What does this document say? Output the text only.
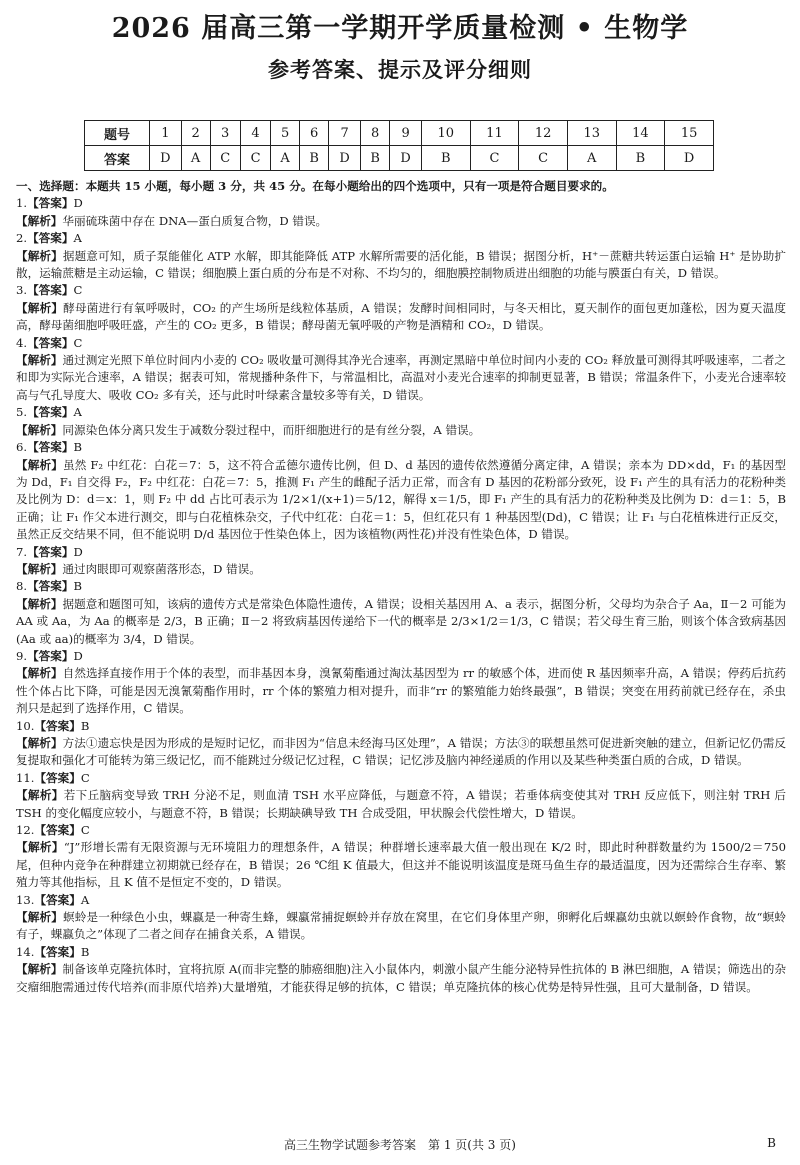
2026 届高三第一学期开学质量检测 • 生物学
参考答案、提示及评分细则
题号	1	2	3	4	5	6	7	8	9	10	11	12	13	14	15
答案	D	A	C	C	A	B	D	B	D	B	C	C	A	B	D
一、选择题：本题共 15 小题，每小题 3 分，共 45 分。在每小题给出的四个选项中，只有一项是符合题目要求的。

1.【答案】D

【解析】华丽硫珠菌中存在 DNA—蛋白质复合物，D 错误。

2.【答案】A

【解析】据题意可知，质子泵能催化 ATP 水解，即其能降低 ATP 水解所需要的活化能，B 错误；据图分析，H⁺－蔗糖共转运蛋白运输 H⁺ 是协助扩散，运输蔗糖是主动运输，C 错误；细胞膜上蛋白质的分布是不对称、不均匀的，细胞膜控制物质进出细胞的功能与膜蛋白有关，D 错误。

3.【答案】C

【解析】酵母菌进行有氧呼吸时，CO₂ 的产生场所是线粒体基质，A 错误；发酵时间相同时，与冬天相比，夏天制作的面包更加蓬松，因为夏天温度高，酵母菌细胞呼吸旺盛，产生的 CO₂ 更多，B 错误；酵母菌无氧呼吸的产物是酒精和 CO₂，D 错误。

4.【答案】C

【解析】通过测定光照下单位时间内小麦的 CO₂ 吸收量可测得其净光合速率，再测定黑暗中单位时间内小麦的 CO₂ 释放量可测得其呼吸速率，二者之和即为实际光合速率，A 错误；据表可知，常规播种条件下，与常温相比，高温对小麦光合速率的抑制更显著，B 错误；常温条件下，小麦光合速率较高与气孔导度大、吸收 CO₂ 多有关，还与此时叶绿素含量较多等有关，D 错误。

5.【答案】A

【解析】同源染色体分离只发生于减数分裂过程中，而肝细胞进行的是有丝分裂，A 错误。

6.【答案】B

【解析】虽然 F₂ 中红花：白花＝7：5，这不符合孟德尔遗传比例，但 D、d 基因的遗传依然遵循分离定律，A 错误；亲本为 DD×dd，F₁ 的基因型为 Dd，F₁ 自交得 F₂，F₂ 中红花：白花＝7：5，推测 F₁ 产生的雌配子活力正常，而含有 D 基因的花粉部分致死，设 F₁ 产生的具有活力的花粉种类及比例为 D：d＝x：1，则 F₂ 中 dd 占比可表示为 1/2×1/(x+1)＝5/12，解得 x＝1/5，即 F₁ 产生的具有活力的花粉种类及比例为 D：d＝1：5，B 正确；让 F₁ 作父本进行测交，即与白花植株杂交，子代中红花：白花＝1：5，但红花只有 1 种基因型(Dd)，C 错误；让 F₁ 与白花植株进行正反交，虽然正反交结果不同，但不能说明 D/d 基因位于性染色体上，因为该植物(两性花)并没有性染色体，D 错误。

7.【答案】D

【解析】通过肉眼即可观察菌落形态，D 错误。

8.【答案】B

【解析】据题意和题图可知，该病的遗传方式是常染色体隐性遗传，A 错误；设相关基因用 A、a 表示，据图分析，父母均为杂合子 Aa，Ⅱ－2 可能为 AA 或 Aa，为 Aa 的概率是 2/3，B 正确；Ⅱ－2 将致病基因传递给下一代的概率是 2/3×1/2＝1/3，C 错误；若父母生育三胎，则该个体含致病基因(Aa 或 aa)的概率为 3/4，D 错误。

9.【答案】D

【解析】自然选择直接作用于个体的表型，而非基因本身，溴氰菊酯通过淘汰基因型为 rr 的敏感个体，进而使 R 基因频率升高，A 错误；停药后抗药性个体占比下降，可能是因无溴氰菊酯作用时，rr 个体的繁殖力相对提升，而非“rr 的繁殖能力始终最强”，B 错误；突变在用药前就已经存在，杀虫剂只是起到了选择作用，C 错误。

10.【答案】B

【解析】方法①遗忘快是因为形成的是短时记忆，而非因为“信息未经海马区处理”，A 错误；方法③的联想虽然可促进新突触的建立，但新记忆仍需反复提取和强化才可能转为第三级记忆，而不能跳过分级记忆过程，C 错误；记忆涉及脑内神经递质的作用以及某些种类蛋白质的合成，D 错误。

11.【答案】C

【解析】若下丘脑病变导致 TRH 分泌不足，则血清 TSH 水平应降低，与题意不符，A 错误；若垂体病变使其对 TRH 反应低下，则注射 TRH 后 TSH 的变化幅度应较小，与题意不符，B 错误；长期缺碘导致 TH 合成受阻，甲状腺会代偿性增大，D 错误。

12.【答案】C

【解析】“J”形增长需有无限资源与无环境阻力的理想条件，A 错误；种群增长速率最大值一般出现在 K/2 时，即此时种群数量约为 1500/2＝750 尾，但种内竞争在种群建立初期就已经存在，B 错误；26 ℃组 K 值最大，但这并不能说明该温度是斑马鱼生存的最适温度，因为还需综合生存率、繁殖力等其他指标，且 K 值不是恒定不变的，D 错误。

13.【答案】A

【解析】螟蛉是一种绿色小虫，蜾蠃是一种寄生蜂，蜾蠃常捕捉螟蛉并存放在窝里，在它们身体里产卵，卵孵化后蜾蠃幼虫就以螟蛉作食物，故“螟蛉有子，蜾蠃负之”体现了二者之间存在捕食关系，A 错误。

14.【答案】B

【解析】制备该单克隆抗体时，宜将抗原 A(而非完整的肺癌细胞)注入小鼠体内，刺激小鼠产生能分泌特异性抗体的 B 淋巴细胞，A 错误；筛选出的杂交瘤细胞需通过传代培养(而非原代培养)大量增殖，才能获得足够的抗体，C 错误；单克隆抗体的核心优势是特异性强，且可大量制备，D 错误。

高三生物学试题参考答案　第 1 页(共 3 页)	B
